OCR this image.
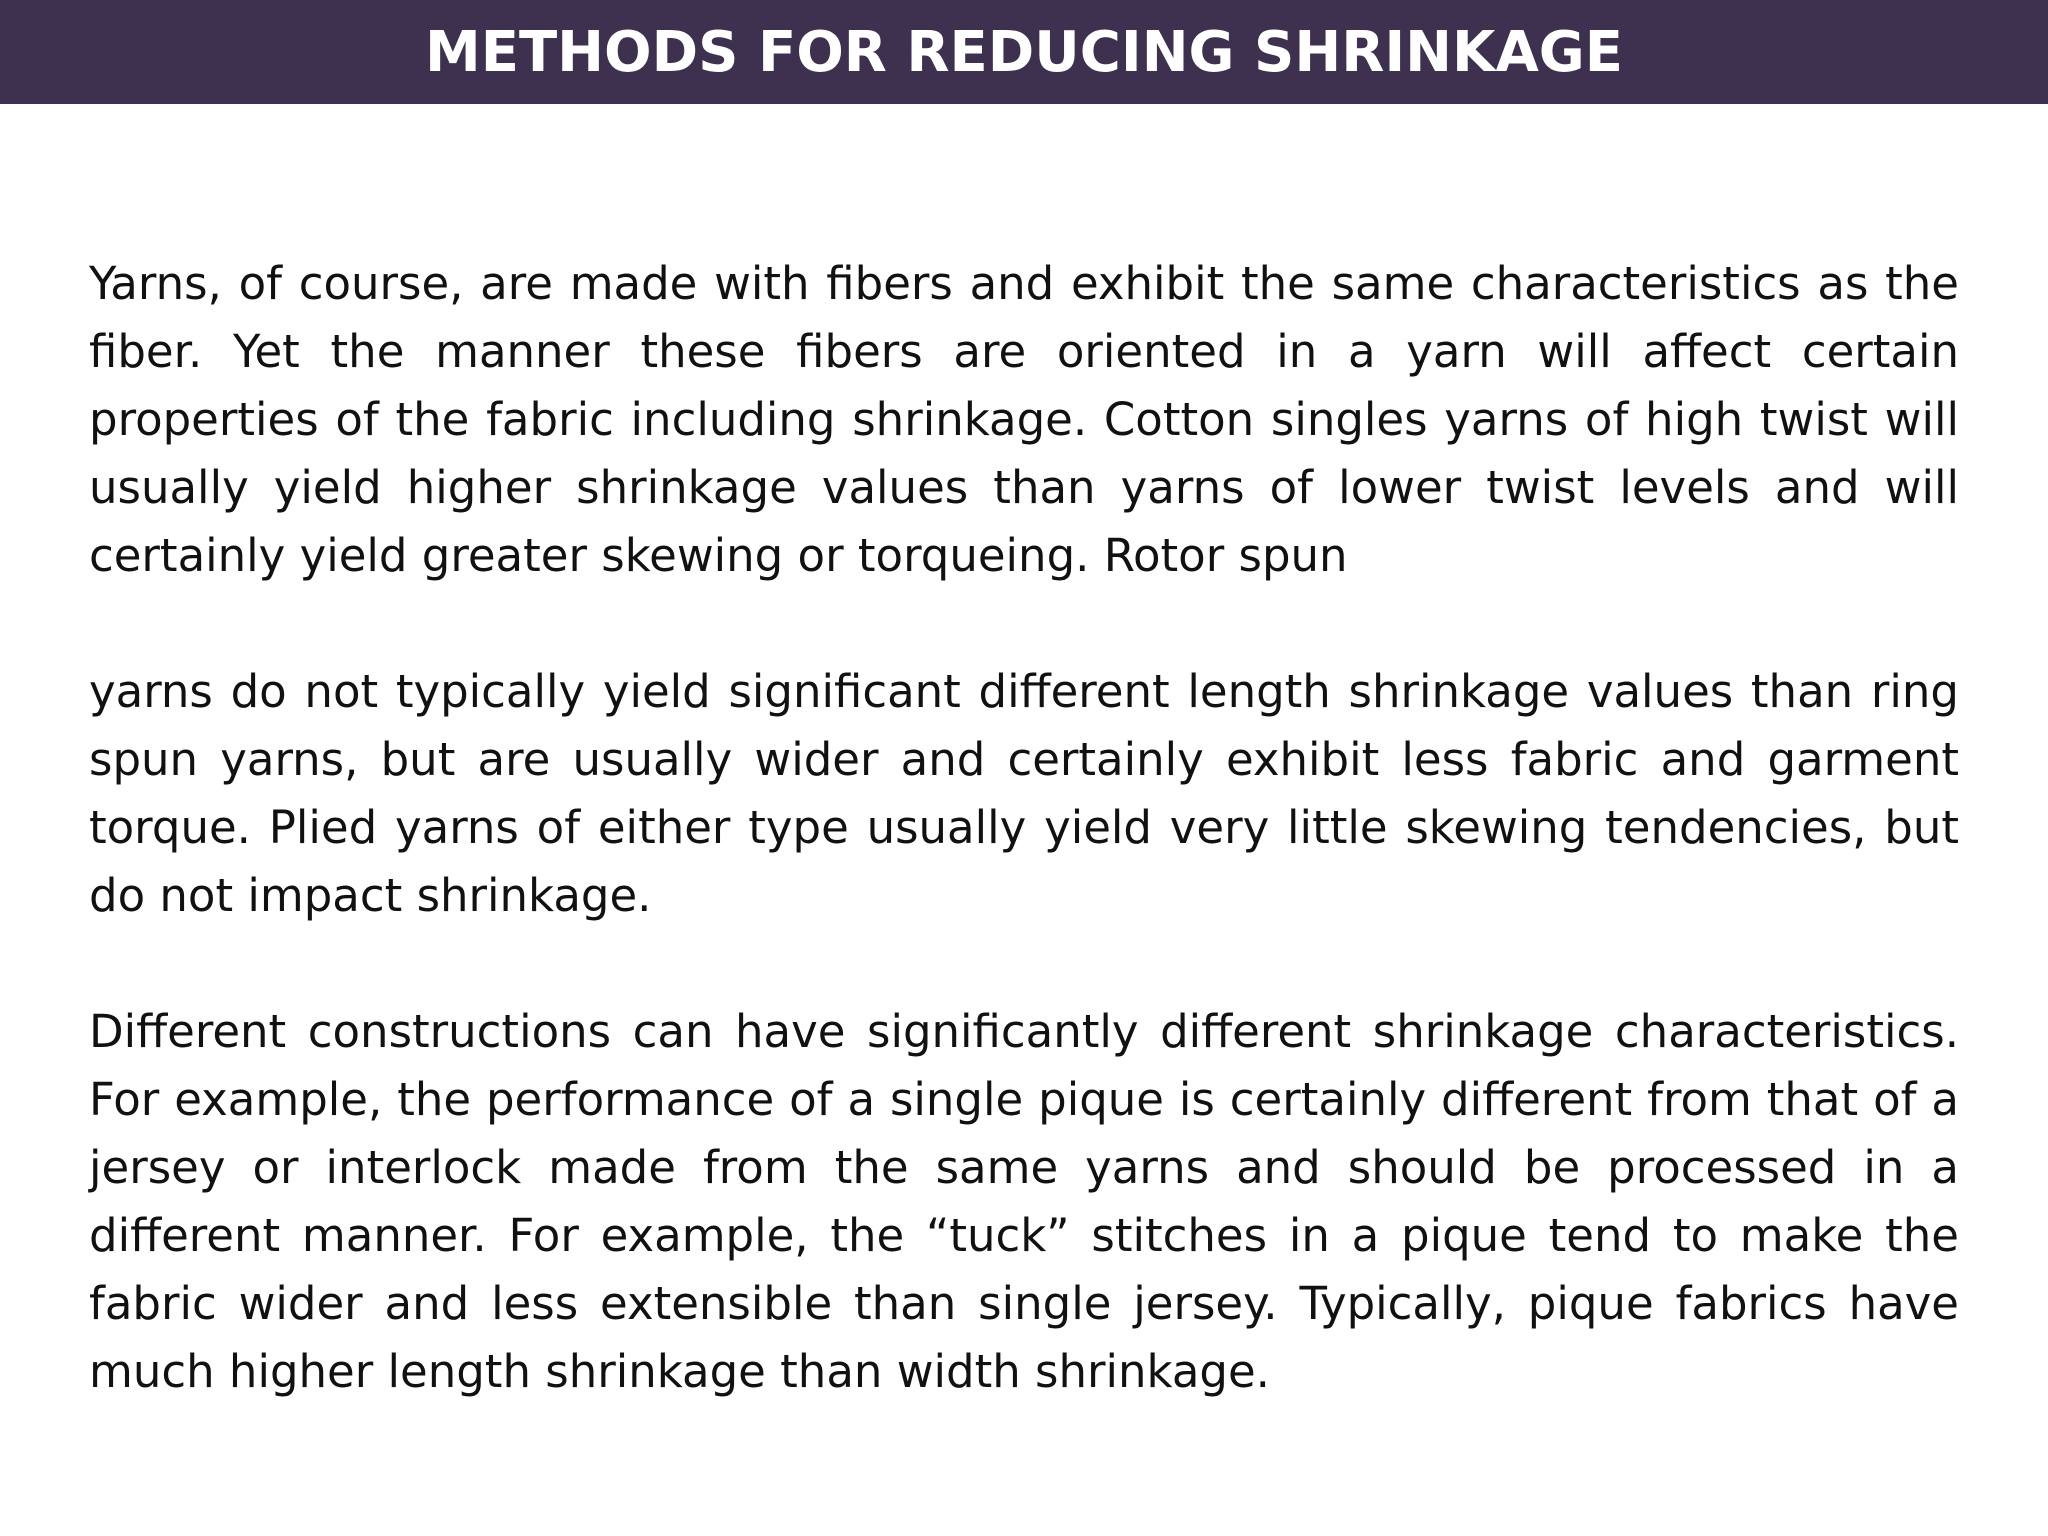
METHODS FOR REDUCING SHRINKAGE

Yarns, of course, are made with fibers and exhibit the same characteristics as the fiber. Yet the manner these fibers are oriented in a yarn will affect certain properties of the fabric including shrinkage. Cotton singles yarns of high twist will usually yield higher shrinkage values than yarns of lower twist levels and will certainly yield greater skewing or torqueing. Rotor spun

yarns do not typically yield significant different length shrinkage values than ring spun yarns, but are usually wider and certainly exhibit less fabric and garment torque. Plied yarns of either type usually yield very little skewing tendencies, but do not impact shrinkage.

Different constructions can have significantly different shrinkage characteristics. For example, the performance of a single pique is certainly different from that of a jersey or interlock made from the same yarns and should be processed in a different manner. For example, the “tuck” stitches in a pique tend to make the fabric wider and less extensible than single jersey. Typically, pique fabrics have much higher length shrinkage than width shrinkage.
